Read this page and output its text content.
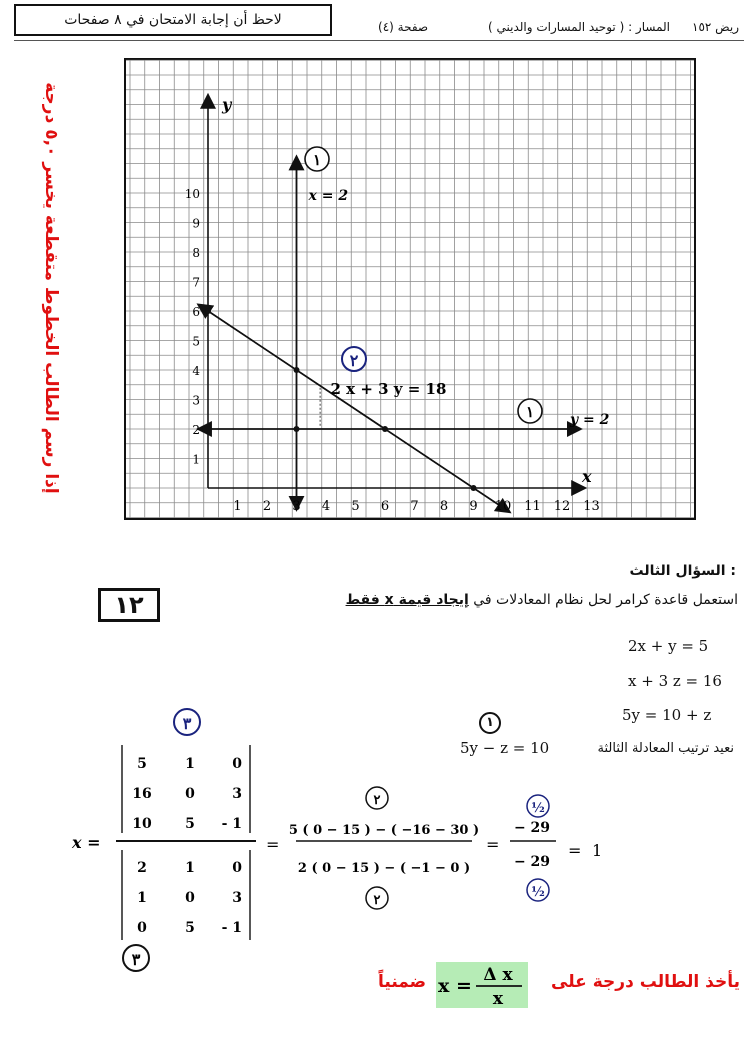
لاحظ أن إجابة الامتحان في ٨ صفحات	صفحة (٤)	المسار : ( توحيد المسارات والديني ) ريض ١٥٢
إذا رسم الطالب الخطوط متقطعة يخسر ٥,٠ درجة
1 2 3 4 5 6 7 8 9 10 11 12 13
1
2
3
4
5
6
7
8
9
10
y
x
x = 2
y = 2
2 x + 3 y = 18
١
١
٢
السؤال الثالث :
١٢	استعمل قاعدة كرامر لحل نظام المعادلات في إيجاد قيمة x فقط
2x + y = 5
x + 3 z = 16
5y = 10 + z
١
5y − z = 10	نعيد ترتيب المعادلة الثالثة
x =
٣
5	1	0
16 0	3
10 5 - 1
2	1	0
1	0	3
0	5 - 1
٣
=
٢
5 ( 0 − 15 ) − ( −16 − 30 )
2 ( 0 − 15 ) − ( −1 − 0 )
٢
=
½
− 29
− 29
½
= 1
x = Δ x
x
ضمنياً	يأخذ الطالب درجة على
